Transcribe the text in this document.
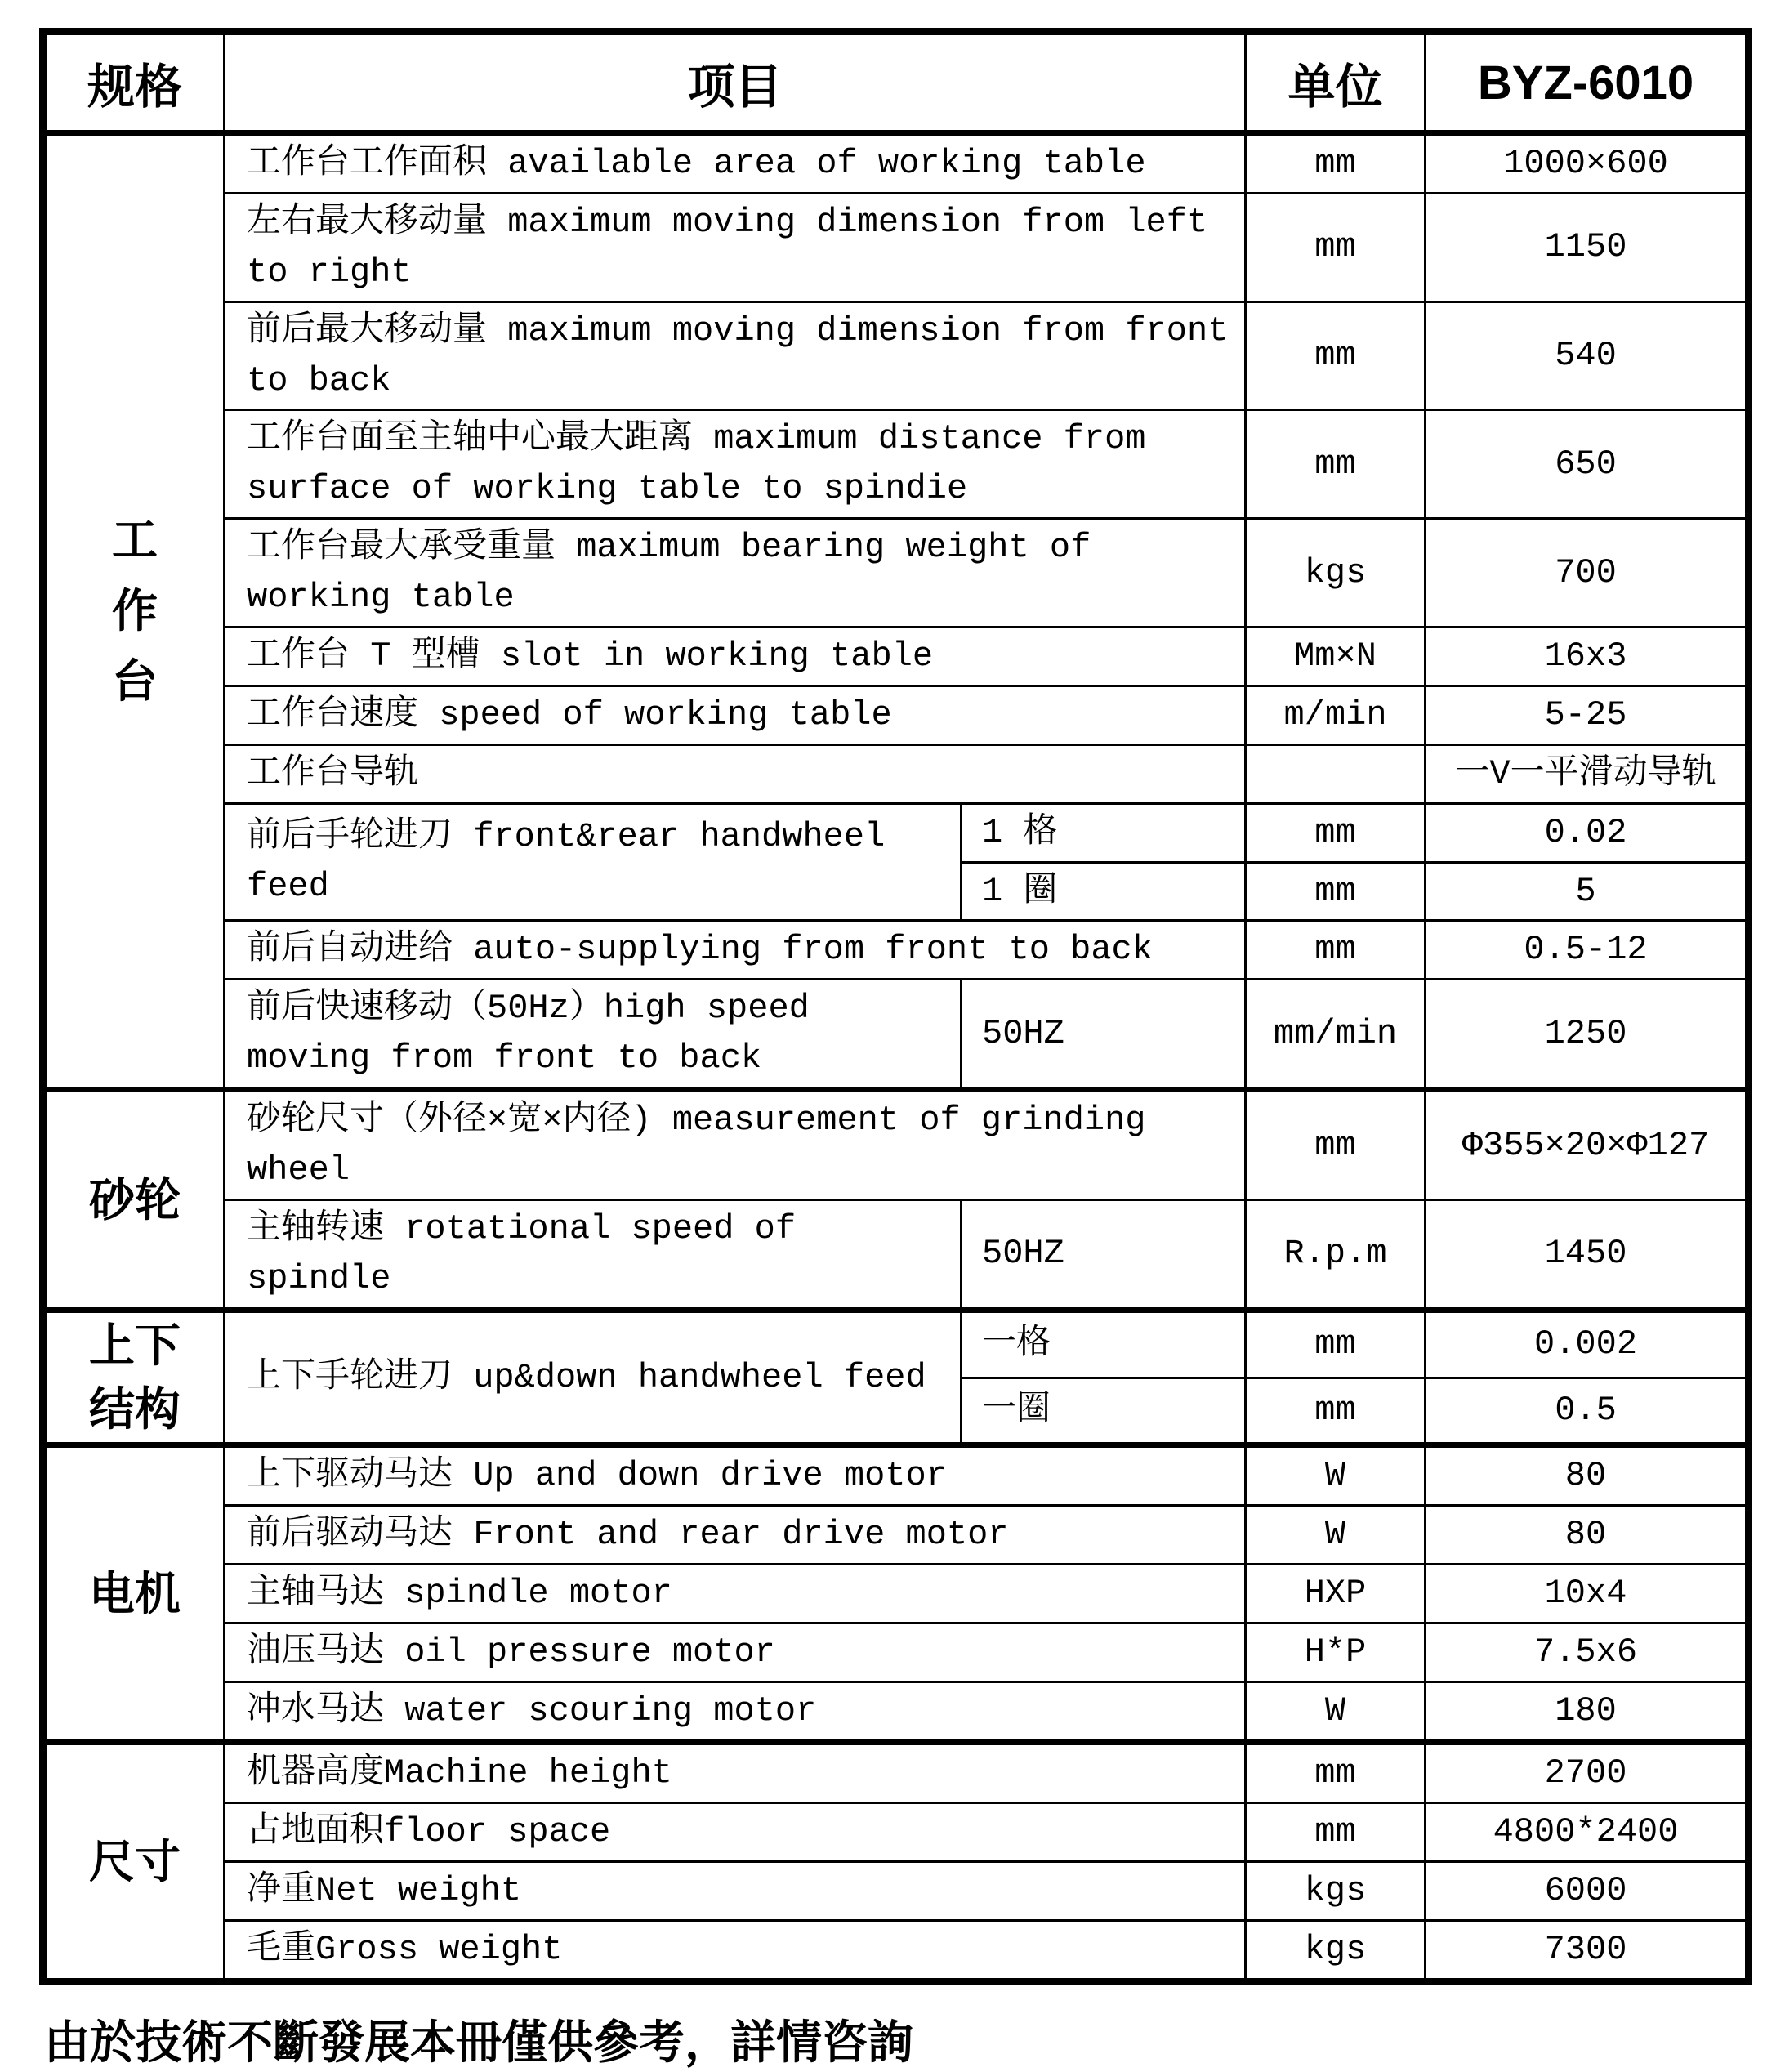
规格	项目		单位	BYZ-6010

工作台	工作台工作面积 available area of working table		mm	1000×600
	左右最大移动量 maximum moving dimension from left to right		mm	1150
	前后最大移动量 maximum moving dimension from front to back		mm	540
	工作台面至主轴中心最大距离 maximum distance from surface of working table to spindie		mm	650
	工作台最大承受重量 maximum bearing weight of working table		kgs	700
	工作台 T 型槽 slot in working table		Mm×N	16x3
	工作台速度 speed of working table		m/min	5-25
	工作台导轨			一V一平滑动导轨
	前后手轮进刀 front&rear handwheel feed	1 格	mm	0.02
		1 圈	mm	5
	前后自动进给 auto-supplying from front to back		mm	0.5-12
	前后快速移动（50Hz）high speed moving from front to back	50HZ	mm/min	1250
砂轮	砂轮尺寸（外径×宽×内径) measurement of grinding wheel		mm	Φ355×20×Φ127
	主轴转速 rotational speed of spindle	50HZ	R.p.m	1450

上下结构	上下手轮进刀 up&down handwheel feed	一格	mm	0.002
		一圈	mm	0.5
电机	上下驱动马达 Up and down drive motor		W	80
	前后驱动马达 Front and rear drive motor		W	80
	主轴马达 spindle motor		HXP	10x4
	油压马达 oil pressure motor		H*P	7.5x6
	冲水马达 water scouring motor		W	180
尺寸	机器高度Machine height		mm	2700
	占地面积floor space		mm	4800*2400
	净重Net weight		kgs	6000
	毛重Gross weight		kgs	7300
由於技術不斷發展本冊僅供參考，詳情咨詢
